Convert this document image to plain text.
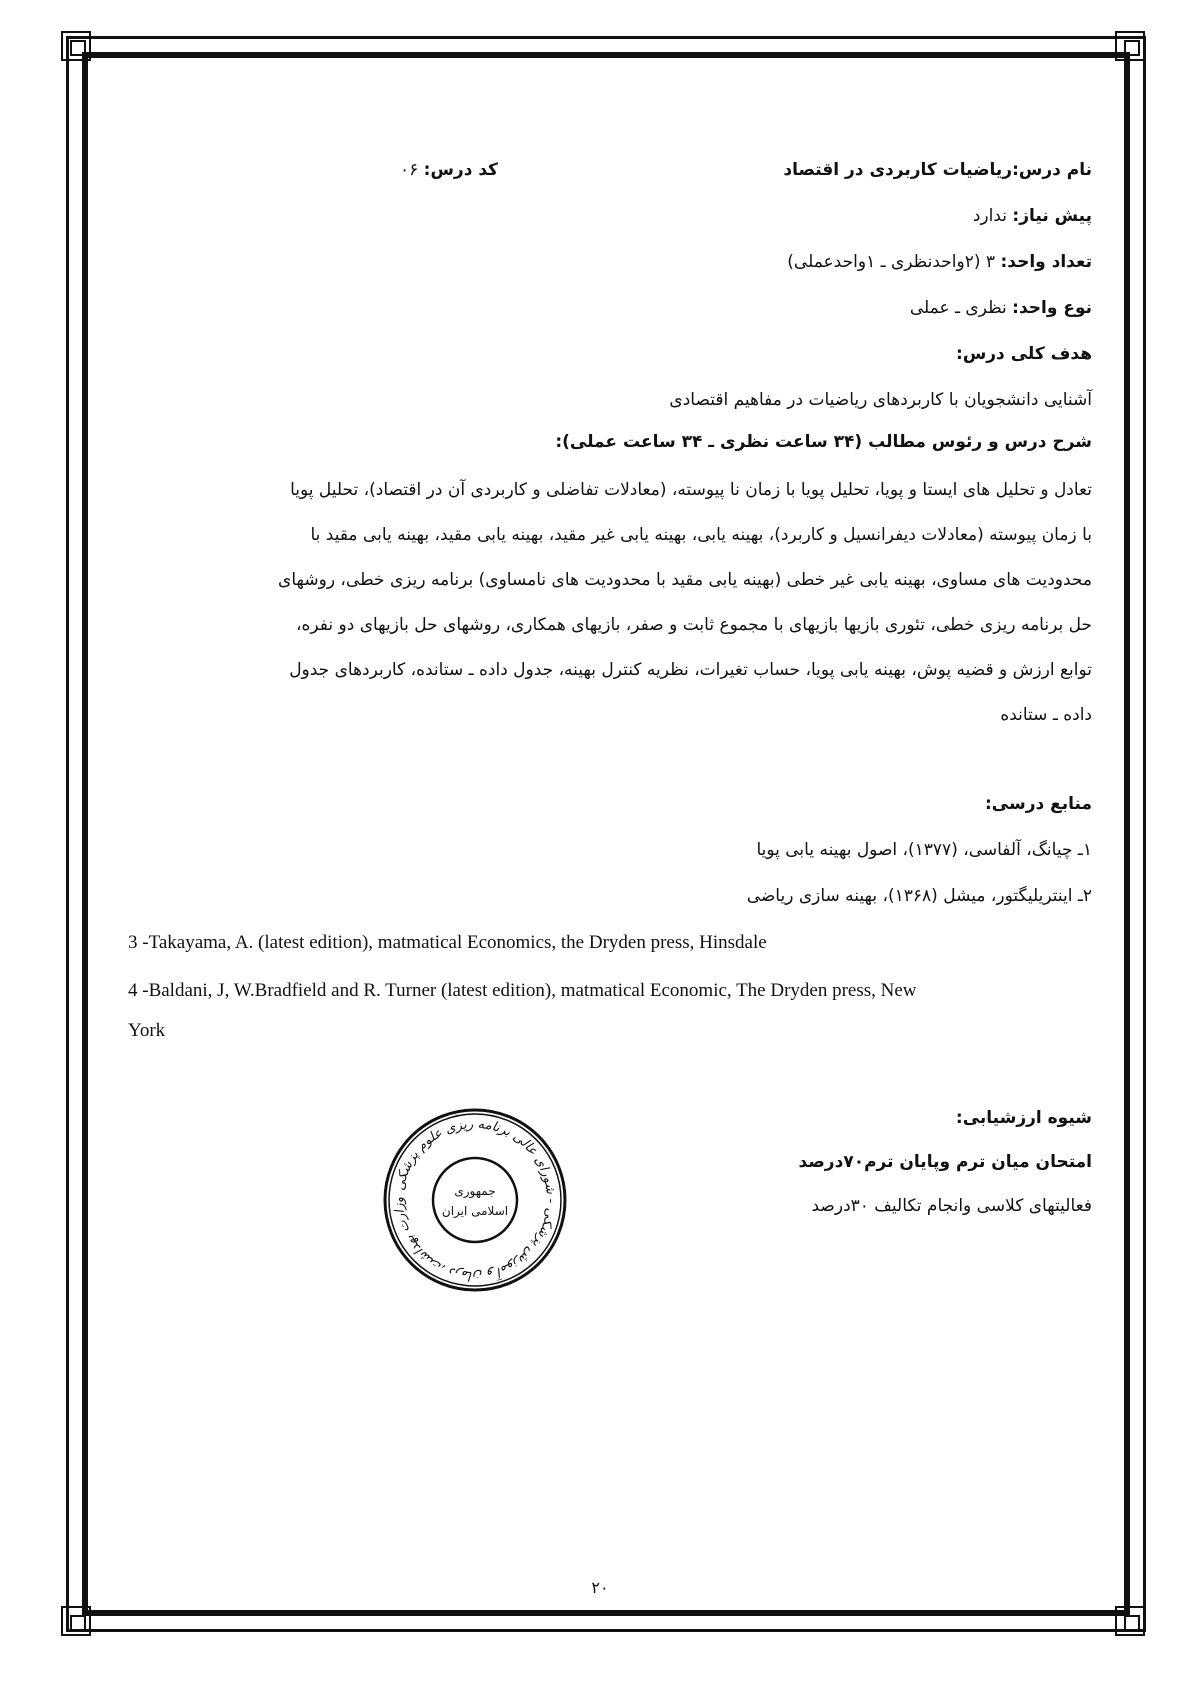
نام درس:ریاضیات کاربردی در اقتصاد
کد درس: ۰۶
پیش نیاز: ندارد
تعداد واحد: ۳ (۲واحدنظری ـ ۱واحدعملی)
نوع واحد: نظری ـ عملی
هدف کلی درس:
آشنایی دانشجویان با کاربردهای ریاضیات در مفاهیم اقتصادی
شرح درس و رئوس مطالب (۳۴ ساعت نظری ـ ۳۴ ساعت عملی):
تعادل و تحلیل های ایستا و پویا، تحلیل پویا با زمان نا پیوسته، (معادلات تفاضلی و کاربردی آن در اقتصاد)، تحلیل پویا
با زمان پیوسته (معادلات دیفرانسیل و کاربرد)، بهینه یابی، بهینه یابی غیر مقید، بهینه یابی مقید، بهینه یابی مقید با
محدودیت های مساوی، بهینه یابی غیر خطی (بهینه یابی مقید با محدودیت های نامساوی) برنامه ریزی خطی، روشهای
حل برنامه ریزی خطی، تئوری بازیها بازیهای با مجموع ثابت و صفر، بازیهای همکاری، روشهای حل بازیهای دو نفره،
توابع ارزش و قضیه پوش، بهینه یابی پویا، حساب تغیرات، نظریه کنترل بهینه، جدول داده ـ ستانده، کاربردهای جدول
داده ـ ستانده
منابع درسی:
۱ـ چیانگ، آلفاسی، (۱۳۷۷)، اصول بهینه یابی پویا
۲ـ اینتریلیگتور، میشل (۱۳۶۸)، بهینه سازی ریاضی
3 -Takayama, A. (latest edition), matmatical Economics, the Dryden press, Hinsdale
4 -Baldani, J, W.Bradfield and R. Turner (latest edition), matmatical Economic, The Dryden press, New
York
شیوه ارزشیابی:
امتحان میان ترم وپایان ترم۷۰درصد
فعالیتهای کلاسی وانجام تکالیف ۳۰درصد
وزارت بهداشت، درمان و آموزش پزشکی - شورای عالی برنامه ریزی علوم پزشکی
جمهوری
اسلامی ایران
۲۰
